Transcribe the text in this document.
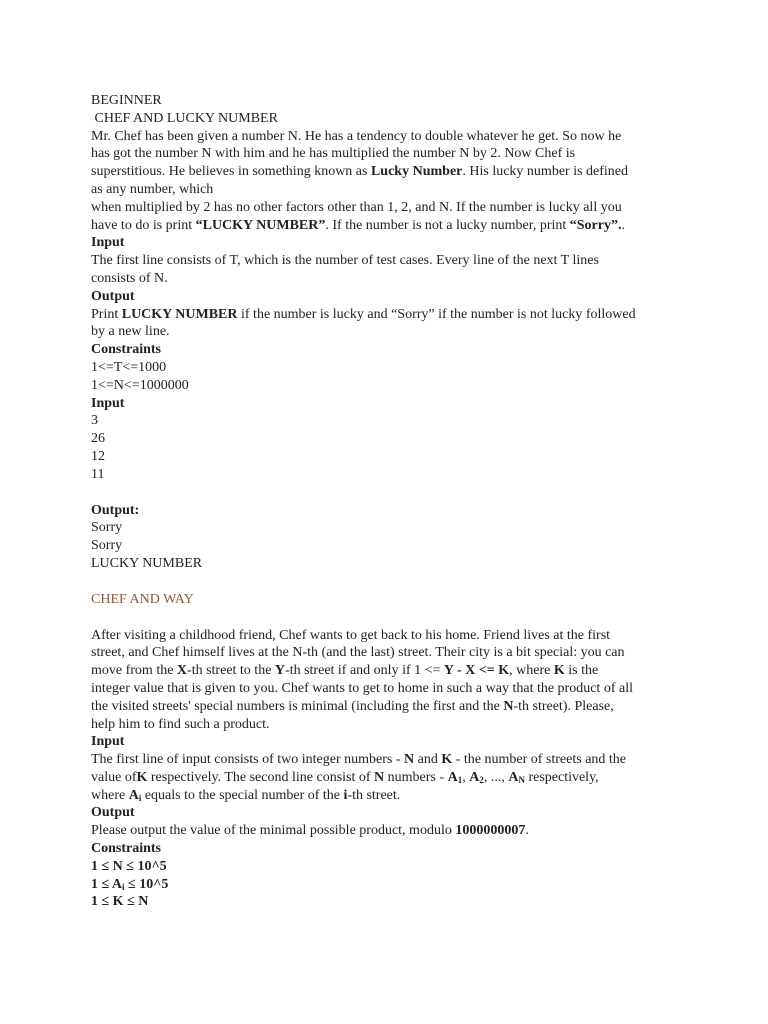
BEGINNER
CHEF AND LUCKY NUMBER
Mr. Chef has been given a number N. He has a tendency to double whatever he get. So now he
has got the number N with him and he has multiplied the number N by 2. Now Chef is
superstitious. He believes in something known as Lucky Number. His lucky number is defined
as any number, which
when multiplied by 2 has no other factors other than 1, 2, and N. If the number is lucky all you
have to do is print “LUCKY NUMBER”. If the number is not a lucky number, print “Sorry”..
Input
The first line consists of T, which is the number of test cases. Every line of the next T lines
consists of N.
Output
Print LUCKY NUMBER if the number is lucky and “Sorry” if the number is not lucky followed
by a new line.
Constraints
1<=T<=1000
1<=N<=1000000
Input
3
26
12
11
Output:
Sorry
Sorry
LUCKY NUMBER
CHEF AND WAY
After visiting a childhood friend, Chef wants to get back to his home. Friend lives at the first
street, and Chef himself lives at the N-th (and the last) street. Their city is a bit special: you can
move from the X-th street to the Y-th street if and only if 1 <= Y - X <= K, where K is the
integer value that is given to you. Chef wants to get to home in such a way that the product of all
the visited streets' special numbers is minimal (including the first and the N-th street). Please,
help him to find such a product.
Input
The first line of input consists of two integer numbers - N and K - the number of streets and the
value ofK respectively. The second line consist of N numbers - $A_1$, $A_2$, ..., $A_N$ respectively,
where $A_i$ equals to the special number of the i-th street.
Output
Please output the value of the minimal possible product, modulo 1000000007.
Constraints
1 ≤ N ≤ 10^5
$1 \le A_i$ ≤ 10^5
1 ≤ K ≤ N
